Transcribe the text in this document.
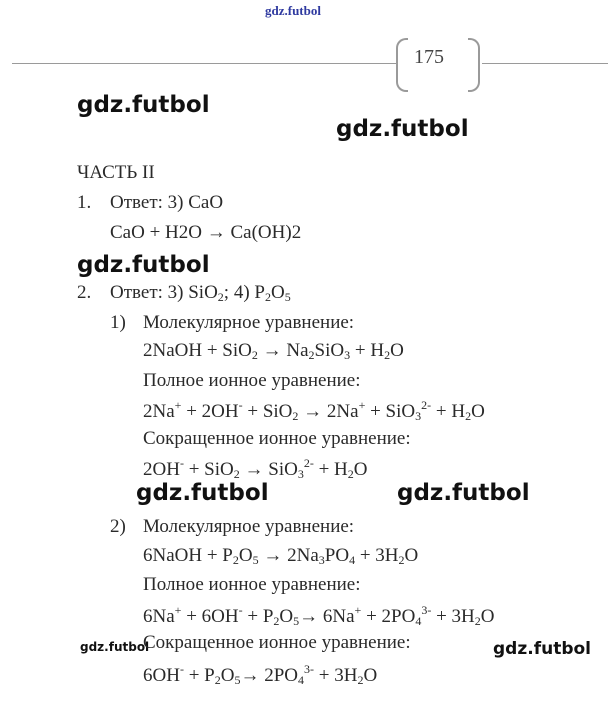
gdz.futbol
175
gdz.futbol
gdz.futbol
gdz.futbol
gdz.futbol	gdz.futbol
gdz.futbol	gdz.futbol
ЧАСТЬ II
1. Ответ: 3) CaO
CaO + H2O → Ca(OH)2
2. Ответ: 3) SiO$_2$; 4) $P_2O_5$
1) Молекулярное уравнение:
2NaOH + $SiO_2 \to Na_2SiO_3 + H_2O$
Полное ионное уравнение:
$2Na^+ + 2OH^- + SiO_2 \to 2Na^+ + SiO_3^{2-} + H_2O$
Сокращенное ионное уравнение:
$2OH^- + SiO_2 \to SiO_3^{2-} + H_2O$
2) Молекулярное уравнение:
6NaOH + $P_2O_5 \to 2Na_3PO_4 + 3H_2O$
Полное ионное уравнение:
$6Na^+ + 6OH^- + P_2O_5\to 6Na^+ + 2PO_4^{3-} + 3H_2O$
Сокращенное ионное уравнение:
$6OH^- + P_2O_5\to 2PO_4^{3-} + 3H_2O$
